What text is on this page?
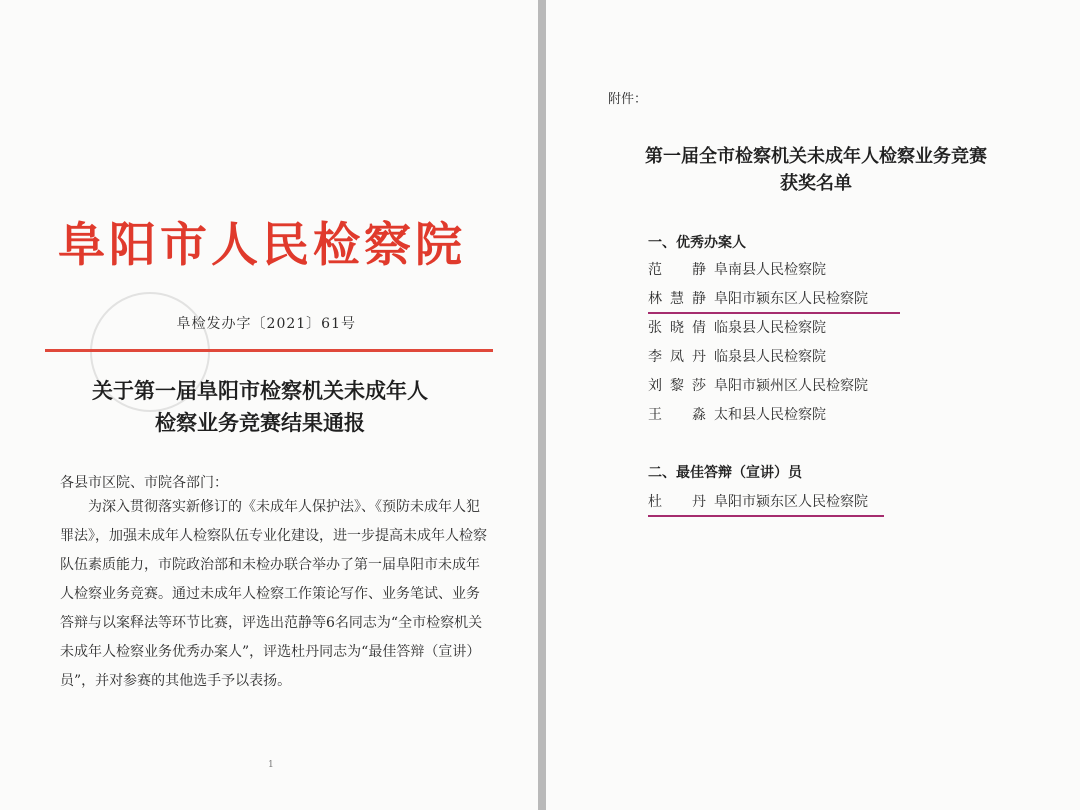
阜阳市人民检察院
阜检发办字〔2021〕61号
关于第一届阜阳市检察机关未成年人
检察业务竞赛结果通报
各县市区院、市院各部门：
为深入贯彻落实新修订的《未成年人保护法》、《预防未成年人犯罪法》，加强未成年人检察队伍专业化建设，进一步提高未成年人检察队伍素质能力，市院政治部和未检办联合举办了第一届阜阳市未成年人检察业务竞赛。通过未成年人检察工作策论写作、业务笔试、业务答辩与以案释法等环节比赛，评选出范静等6名同志为“全市检察机关未成年人检察业务优秀办案人”，评选杜丹同志为“最佳答辩（宣讲）员”，并对参赛的其他选手予以表扬。
1
附件：
第一届全市检察机关未成年人检察业务竞赛
获奖名单
一、优秀办案人
范　静 阜南县人民检察院
林慧静 阜阳市颍东区人民检察院
张晓倩 临泉县人民检察院
李凤丹 临泉县人民检察院
刘黎莎 阜阳市颍州区人民检察院
王　淼 太和县人民检察院
二、最佳答辩（宣讲）员
杜　丹 阜阳市颍东区人民检察院
